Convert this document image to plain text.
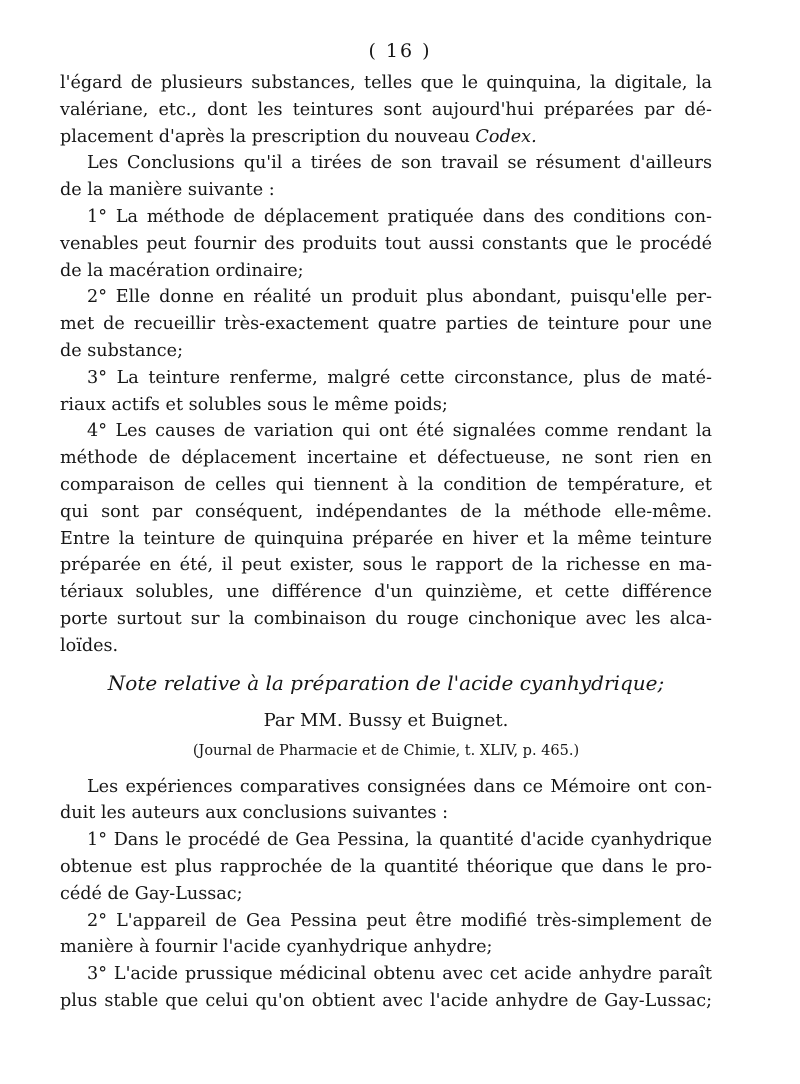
( 16 )
l'égard de plusieurs substances, telles que le quinquina, la digitale, la
valériane, etc., dont les teintures sont aujourd'hui préparées par dé-
placement d'après la prescription du nouveau Codex.
Les Conclusions qu'il a tirées de son travail se résument d'ailleurs
de la manière suivante :
1° La méthode de déplacement pratiquée dans des conditions con-
venables peut fournir des produits tout aussi constants que le procédé
de la macération ordinaire;
2° Elle donne en réalité un produit plus abondant, puisqu'elle per-
met de recueillir très-exactement quatre parties de teinture pour une
de substance;
3° La teinture renferme, malgré cette circonstance, plus de maté-
riaux actifs et solubles sous le même poids;
4° Les causes de variation qui ont été signalées comme rendant la
méthode de déplacement incertaine et défectueuse, ne sont rien en
comparaison de celles qui tiennent à la condition de température, et
qui sont par conséquent, indépendantes de la méthode elle-même.
Entre la teinture de quinquina préparée en hiver et la même teinture
préparée en été, il peut exister, sous le rapport de la richesse en ma-
tériaux solubles, une différence d'un quinzième, et cette différence
porte surtout sur la combinaison du rouge cinchonique avec les alca-
loïdes.
Note relative à la préparation de l'acide cyanhydrique;
Par MM. Bussy et Buignet.
(Journal de Pharmacie et de Chimie, t. XLIV, p. 465.)
Les expériences comparatives consignées dans ce Mémoire ont con-
duit les auteurs aux conclusions suivantes :
1° Dans le procédé de Gea Pessina, la quantité d'acide cyanhydrique
obtenue est plus rapprochée de la quantité théorique que dans le pro-
cédé de Gay-Lussac;
2° L'appareil de Gea Pessina peut être modifié très-simplement de
manière à fournir l'acide cyanhydrique anhydre;
3° L'acide prussique médicinal obtenu avec cet acide anhydre paraît
plus stable que celui qu'on obtient avec l'acide anhydre de Gay-Lussac;
